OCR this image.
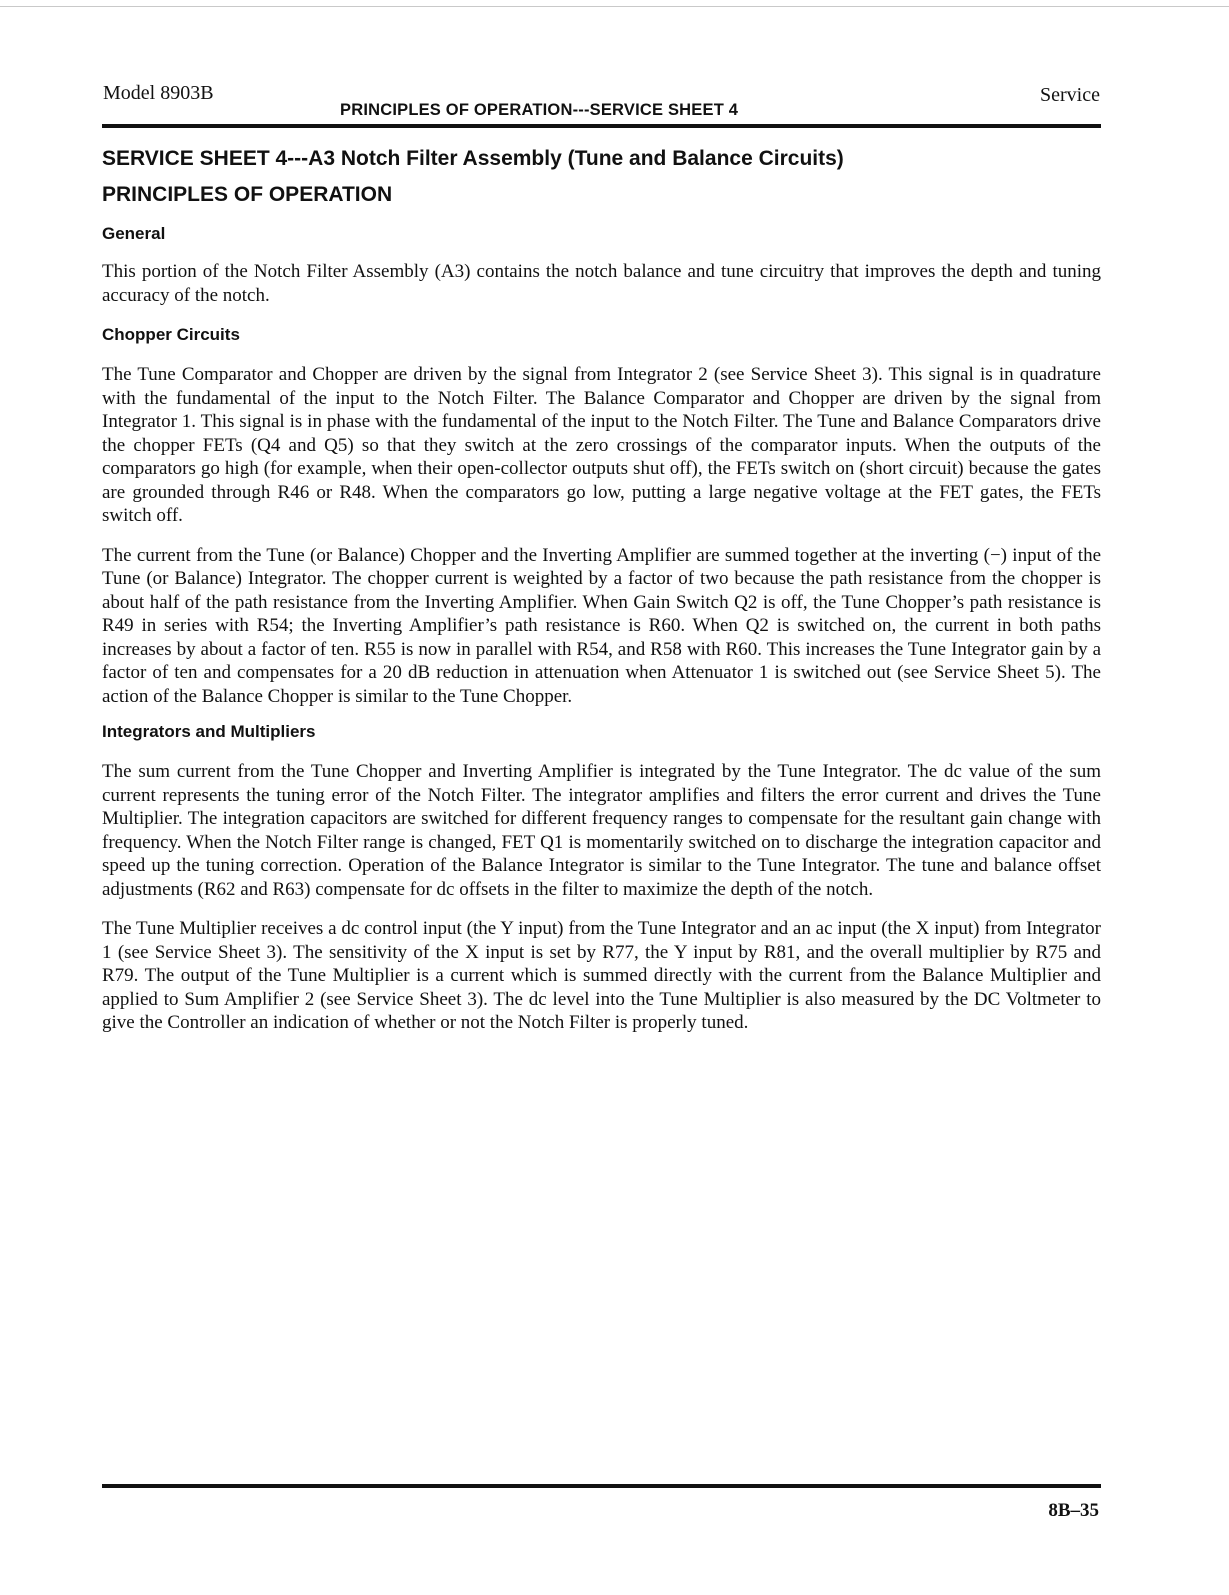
Model 8903B	Service
PRINCIPLES OF OPERATION---SERVICE SHEET 4
SERVICE SHEET 4---A3 Notch Filter Assembly (Tune and Balance Circuits)
PRINCIPLES OF OPERATION
General

This portion of the Notch Filter Assembly (A3) contains the notch balance and tune circuitry that improves the depth and tuning accuracy of the notch.

Chopper Circuits

The Tune Comparator and Chopper are driven by the signal from Integrator 2 (see Service Sheet 3). This signal is in quadrature with the fundamental of the input to the Notch Filter. The Balance Comparator and Chopper are driven by the signal from Integrator 1. This signal is in phase with the fundamental of the input to the Notch Filter. The Tune and Balance Comparators drive the chopper FETs (Q4 and Q5) so that they switch at the zero crossings of the comparator inputs. When the outputs of the comparators go high (for example, when their open-collector outputs shut off), the FETs switch on (short circuit) because the gates are grounded through R46 or R48. When the comparators go low, putting a large negative voltage at the FET gates, the FETs switch off.

The current from the Tune (or Balance) Chopper and the Inverting Amplifier are summed together at the inverting (−) input of the Tune (or Balance) Integrator. The chopper current is weighted by a factor of two because the path resistance from the chopper is about half of the path resistance from the Inverting Amplifier. When Gain Switch Q2 is off, the Tune Chopper’s path resistance is R49 in series with R54; the Inverting Amplifier’s path resistance is R60. When Q2 is switched on, the current in both paths increases by about a factor of ten. R55 is now in parallel with R54, and R58 with R60. This increases the Tune Integrator gain by a factor of ten and compensates for a 20 dB reduction in attenuation when Attenuator 1 is switched out (see Service Sheet 5). The action of the Balance Chopper is similar to the Tune Chopper.

Integrators and Multipliers

The sum current from the Tune Chopper and Inverting Amplifier is integrated by the Tune Integrator. The dc value of the sum current represents the tuning error of the Notch Filter. The integrator amplifies and filters the error current and drives the Tune Multiplier. The integration capacitors are switched for different frequency ranges to compensate for the resultant gain change with frequency. When the Notch Filter range is changed, FET Q1 is momentarily switched on to discharge the integration capacitor and speed up the tuning correction. Operation of the Balance Integrator is similar to the Tune Integrator. The tune and balance offset adjustments (R62 and R63) compensate for dc offsets in the filter to maximize the depth of the notch.

The Tune Multiplier receives a dc control input (the Y input) from the Tune Integrator and an ac input (the X input) from Integrator 1 (see Service Sheet 3). The sensitivity of the X input is set by R77, the Y input by R81, and the overall multiplier by R75 and R79. The output of the Tune Multiplier is a current which is summed directly with the current from the Balance Multiplier and applied to Sum Amplifier 2 (see Service Sheet 3). The dc level into the Tune Multiplier is also measured by the DC Voltmeter to give the Controller an indication of whether or not the Notch Filter is properly tuned.

8B–35
